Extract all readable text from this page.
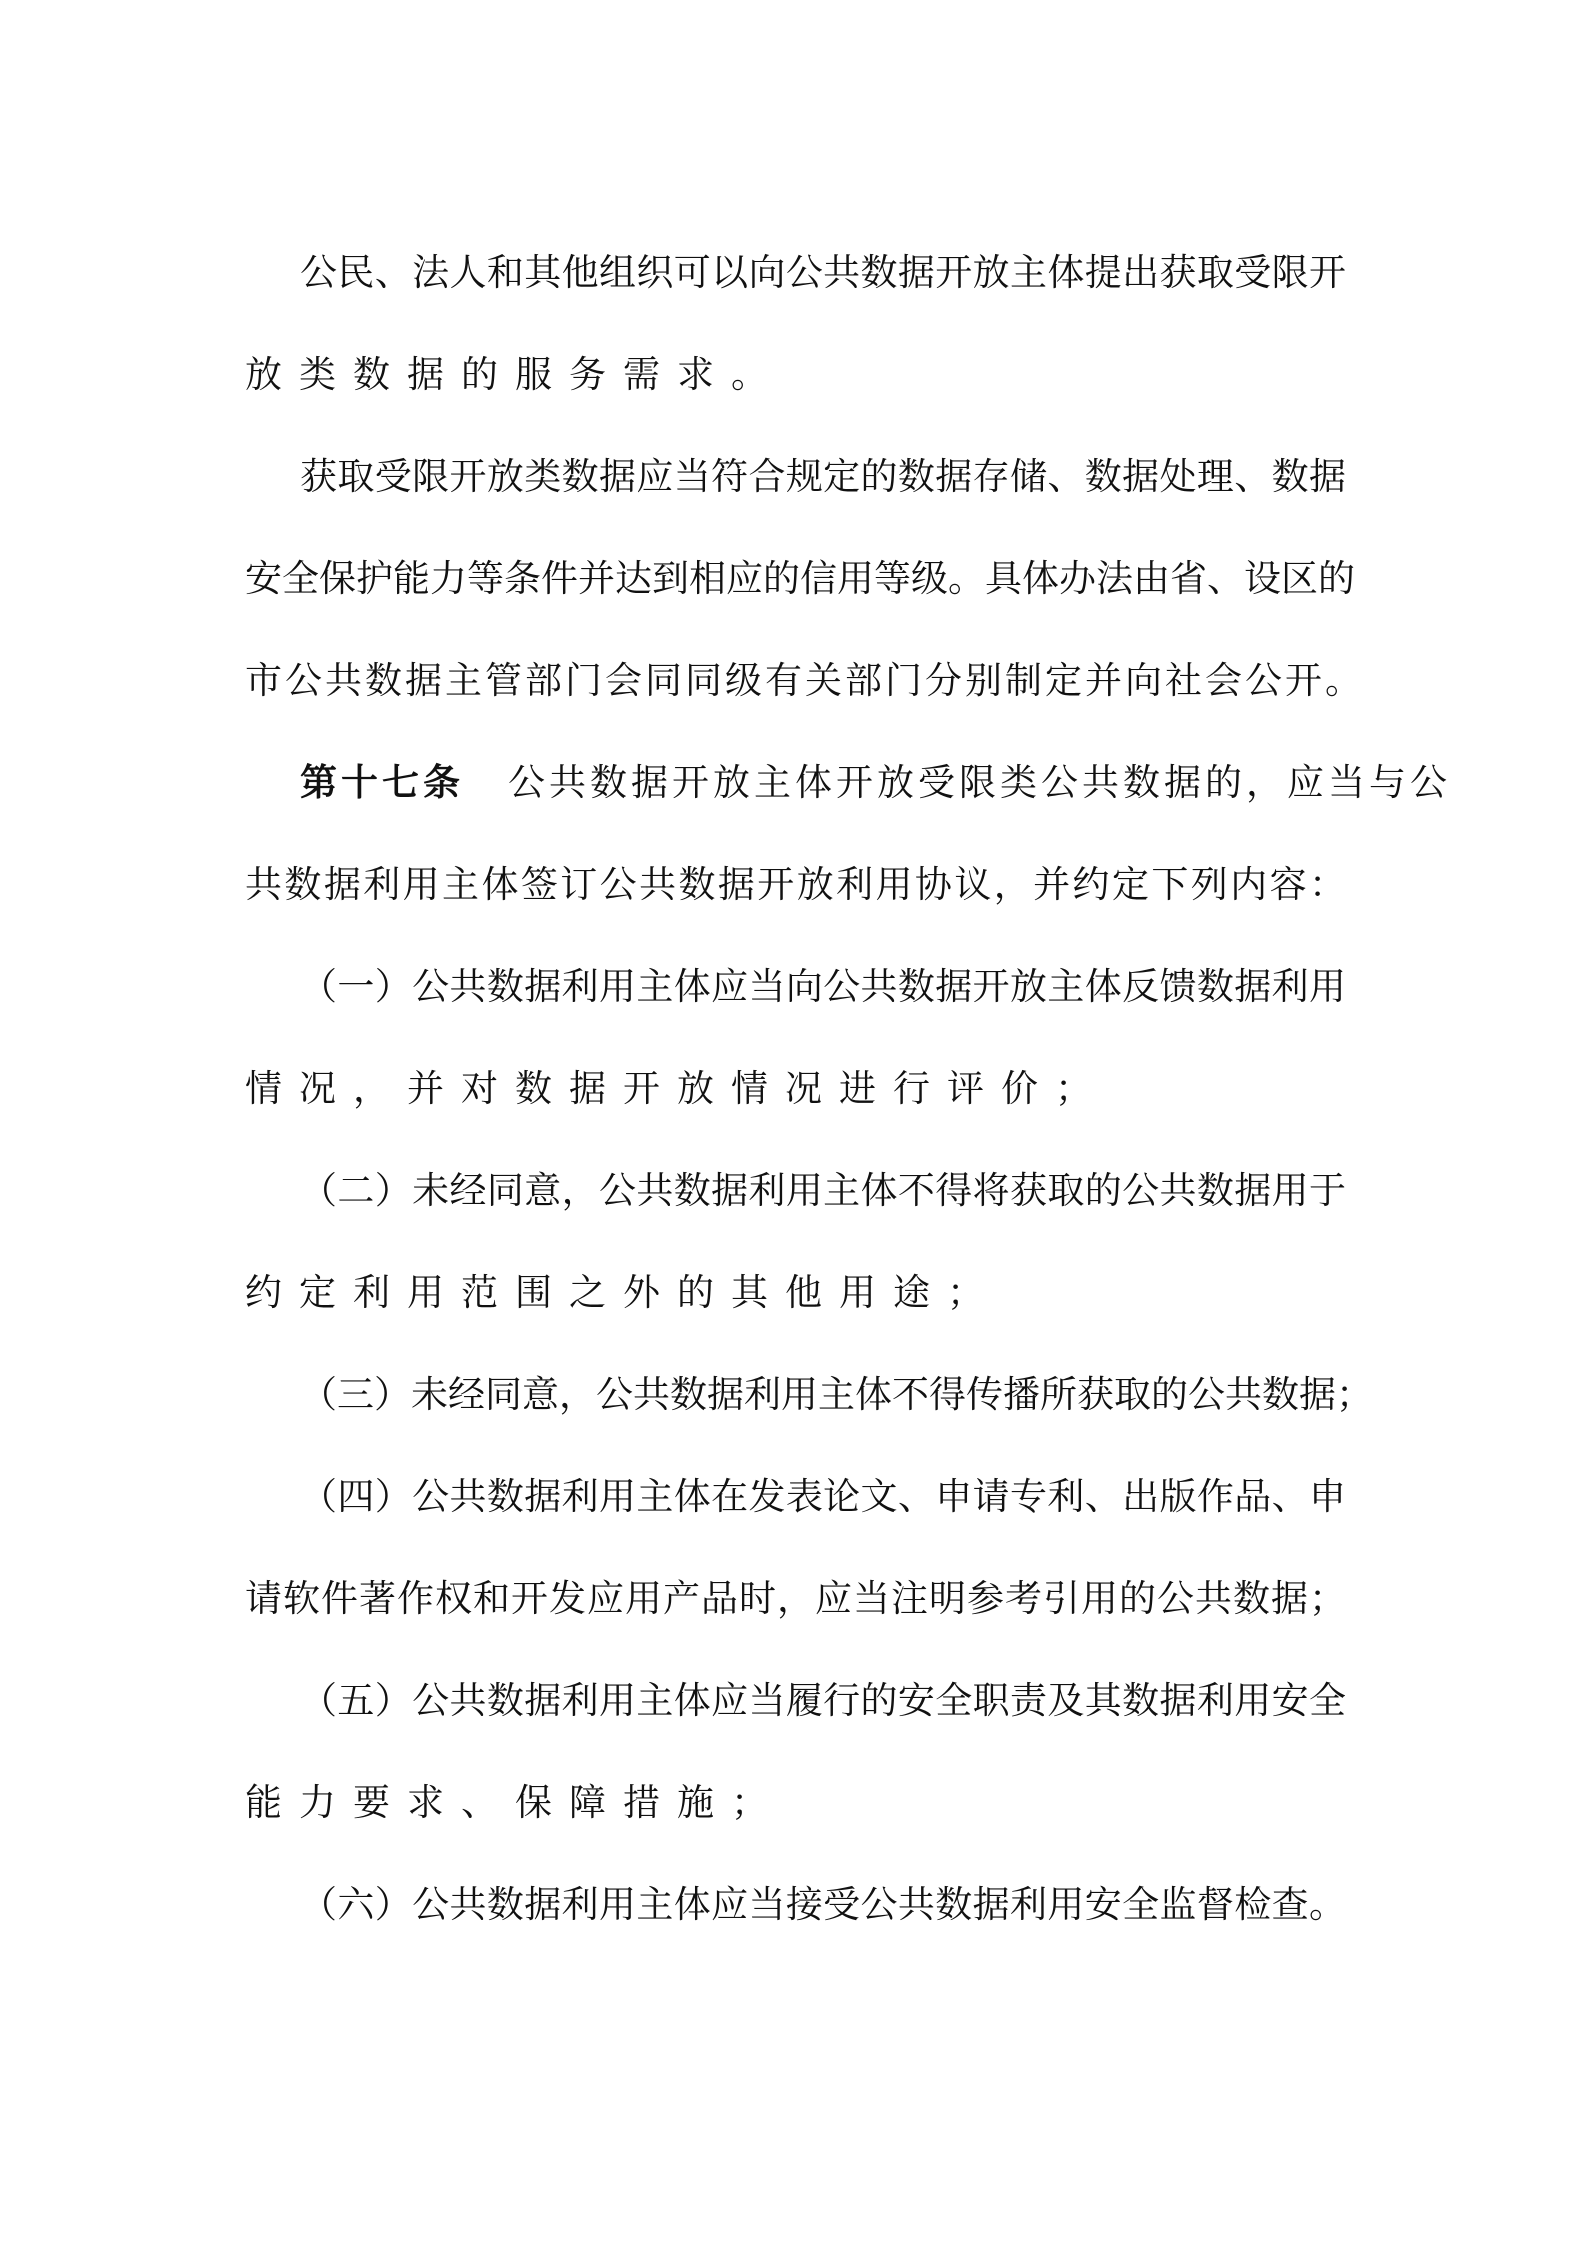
公民、法人和其他组织可以向公共数据开放主体提出获取受限开
放类数据的服务需求。
获取受限开放类数据应当符合规定的数据存储、数据处理、数据
安全保护能力等条件并达到相应的信用等级。具体办法由省、设区的
市公共数据主管部门会同同级有关部门分别制定并向社会公开。
第十七条 公共数据开放主体开放受限类公共数据的，应当与公
共数据利用主体签订公共数据开放利用协议，并约定下列内容：
（一）公共数据利用主体应当向公共数据开放主体反馈数据利用
情况，并对数据开放情况进行评价；
（二）未经同意，公共数据利用主体不得将获取的公共数据用于
约定利用范围之外的其他用途；
（三）未经同意，公共数据利用主体不得传播所获取的公共数据；
（四）公共数据利用主体在发表论文、申请专利、出版作品、申
请软件著作权和开发应用产品时，应当注明参考引用的公共数据；
（五）公共数据利用主体应当履行的安全职责及其数据利用安全
能力要求、保障措施；
（六）公共数据利用主体应当接受公共数据利用安全监督检查。
